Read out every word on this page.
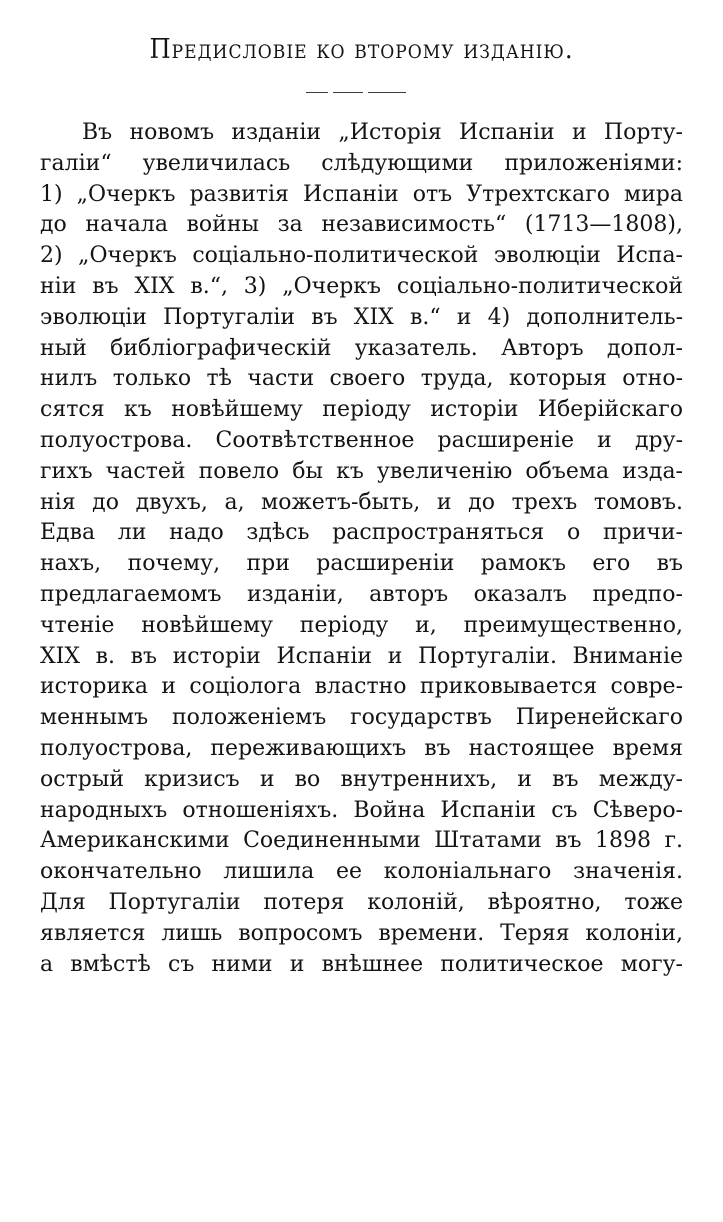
Предисловіе ко второму изданію.
Въ новомъ изданіи „Исторія Испаніи и Порту-
галіи“ увеличилась слѣдующими приложеніями:
1) „Очеркъ развитія Испаніи отъ Утрехтскаго мира
до начала войны за независимость“ (1713—1808),
2) „Очеркъ соціально-политической эволюціи Испа-
ніи въ XIX в.“, 3) „Очеркъ соціально-политической
эволюціи Португаліи въ XIX в.“ и 4) дополнитель-
ный библіографическій указатель. Авторъ допол-
нилъ только тѣ части своего труда, которыя отно-
сятся къ новѣйшему періоду исторіи Иберійскаго
полуострова. Соотвѣтственное расширеніе и дру-
гихъ частей повело бы къ увеличенію объема изда-
нія до двухъ, а, можетъ-быть, и до трехъ томовъ.
Едва ли надо здѣсь распространяться о причи-
нахъ, почему, при расширеніи рамокъ его въ
предлагаемомъ изданіи, авторъ оказалъ предпо-
чтеніе новѣйшему періоду и, преимущественно,
XIX в. въ исторіи Испаніи и Португаліи. Вниманіе
историка и соціолога властно приковывается совре-
меннымъ положеніемъ государствъ Пиренейскаго
полуострова, переживающихъ въ настоящее время
острый кризисъ и во внутреннихъ, и въ между-
народныхъ отношеніяхъ. Война Испаніи съ Сѣверо-
Американскими Соединенными Штатами въ 1898 г.
окончательно лишила ее колоніальнаго значенія.
Для Португаліи потеря колоній, вѣроятно, тоже
является лишь вопросомъ времени. Теряя колоніи,
а вмѣстѣ съ ними и внѣшнее политическое могу-
